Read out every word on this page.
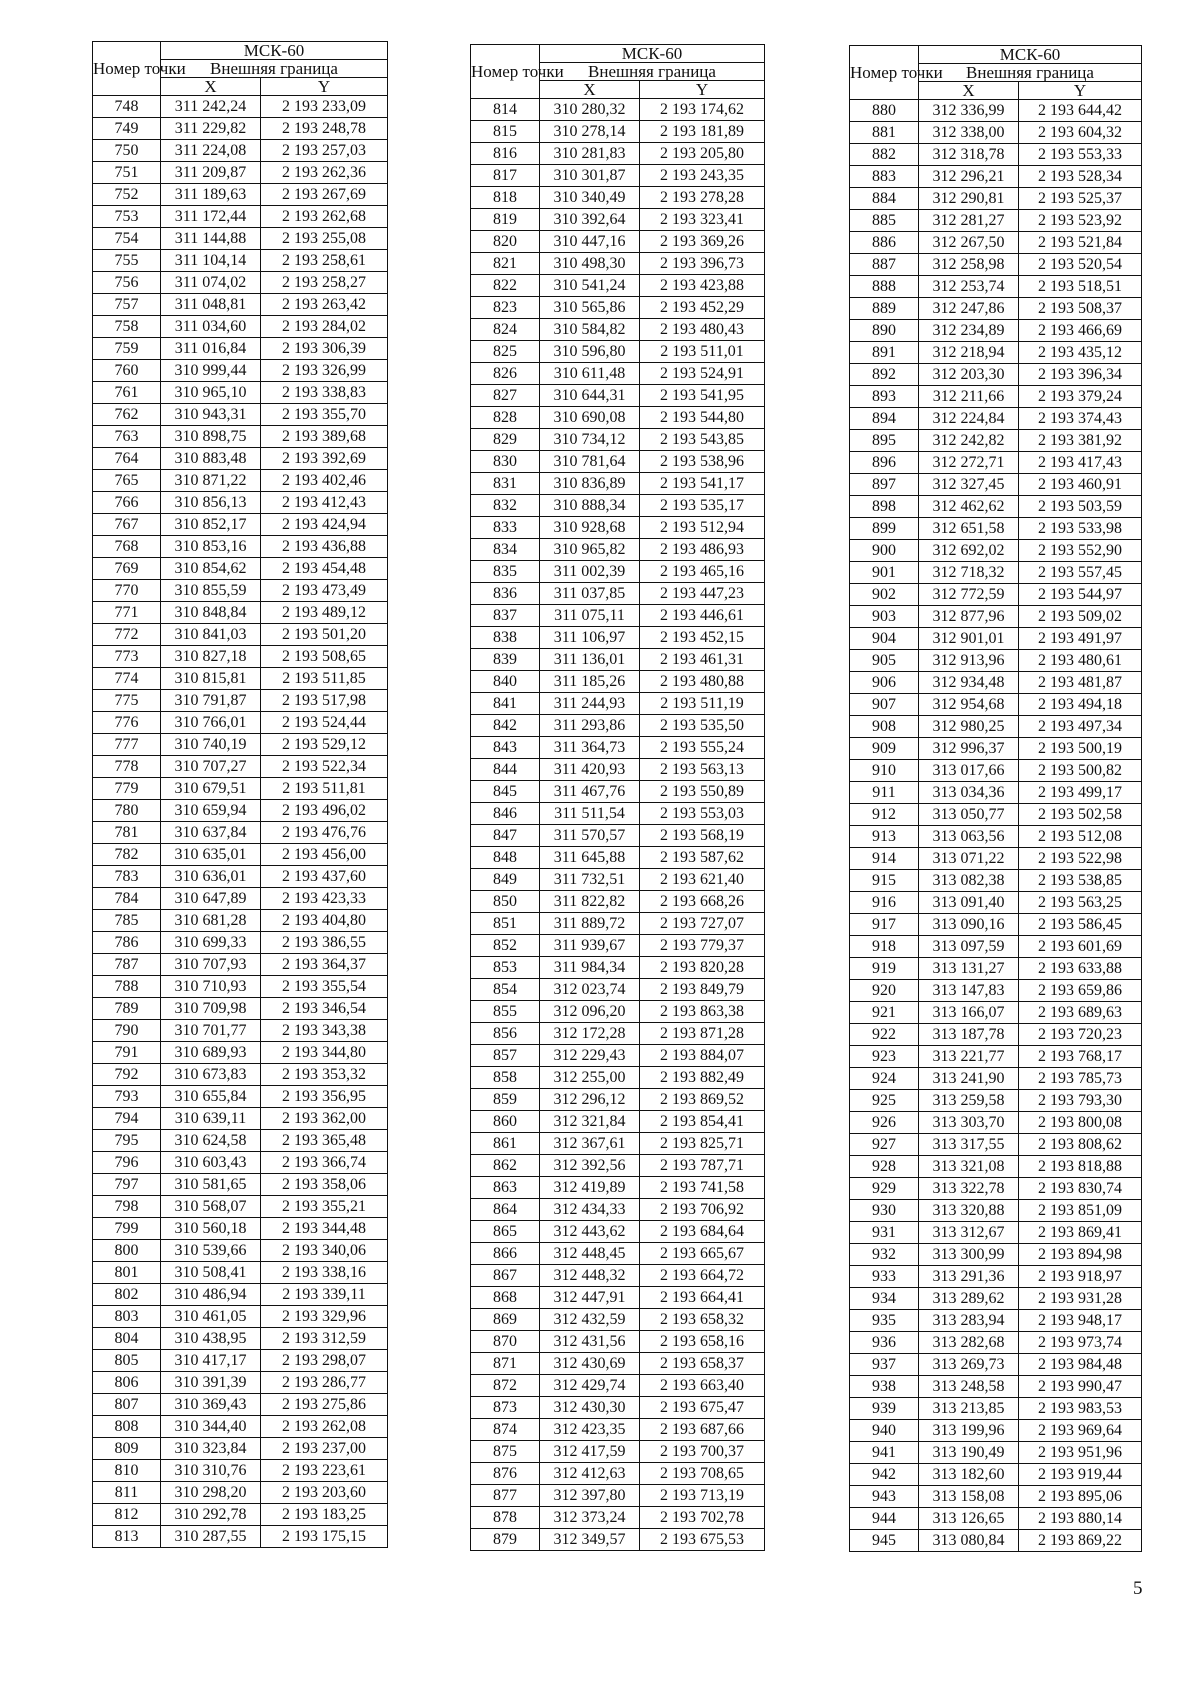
Номер точки	МСК-60	
	Внешняя граница	
	X	Y
748	311 242,24	2 193 233,09
749	311 229,82	2 193 248,78
750	311 224,08	2 193 257,03
751	311 209,87	2 193 262,36
752	311 189,63	2 193 267,69
753	311 172,44	2 193 262,68
754	311 144,88	2 193 255,08
755	311 104,14	2 193 258,61
756	311 074,02	2 193 258,27
757	311 048,81	2 193 263,42
758	311 034,60	2 193 284,02
759	311 016,84	2 193 306,39
760	310 999,44	2 193 326,99
761	310 965,10	2 193 338,83
762	310 943,31	2 193 355,70
763	310 898,75	2 193 389,68
764	310 883,48	2 193 392,69
765	310 871,22	2 193 402,46
766	310 856,13	2 193 412,43
767	310 852,17	2 193 424,94
768	310 853,16	2 193 436,88
769	310 854,62	2 193 454,48
770	310 855,59	2 193 473,49
771	310 848,84	2 193 489,12
772	310 841,03	2 193 501,20
773	310 827,18	2 193 508,65
774	310 815,81	2 193 511,85
775	310 791,87	2 193 517,98
776	310 766,01	2 193 524,44
777	310 740,19	2 193 529,12
778	310 707,27	2 193 522,34
779	310 679,51	2 193 511,81
780	310 659,94	2 193 496,02
781	310 637,84	2 193 476,76
782	310 635,01	2 193 456,00
783	310 636,01	2 193 437,60
784	310 647,89	2 193 423,33
785	310 681,28	2 193 404,80
786	310 699,33	2 193 386,55
787	310 707,93	2 193 364,37
788	310 710,93	2 193 355,54
789	310 709,98	2 193 346,54
790	310 701,77	2 193 343,38
791	310 689,93	2 193 344,80
792	310 673,83	2 193 353,32
793	310 655,84	2 193 356,95
794	310 639,11	2 193 362,00
795	310 624,58	2 193 365,48
796	310 603,43	2 193 366,74
797	310 581,65	2 193 358,06
798	310 568,07	2 193 355,21
799	310 560,18	2 193 344,48
800	310 539,66	2 193 340,06
801	310 508,41	2 193 338,16
802	310 486,94	2 193 339,11
803	310 461,05	2 193 329,96
804	310 438,95	2 193 312,59
805	310 417,17	2 193 298,07
806	310 391,39	2 193 286,77
807	310 369,43	2 193 275,86
808	310 344,40	2 193 262,08
809	310 323,84	2 193 237,00
810	310 310,76	2 193 223,61
811	310 298,20	2 193 203,60
812	310 292,78	2 193 183,25
813	310 287,55	2 193 175,15
Номер точки	МСК-60	
	Внешняя граница	
	X	Y
814	310 280,32	2 193 174,62
815	310 278,14	2 193 181,89
816	310 281,83	2 193 205,80
817	310 301,87	2 193 243,35
818	310 340,49	2 193 278,28
819	310 392,64	2 193 323,41
820	310 447,16	2 193 369,26
821	310 498,30	2 193 396,73
822	310 541,24	2 193 423,88
823	310 565,86	2 193 452,29
824	310 584,82	2 193 480,43
825	310 596,80	2 193 511,01
826	310 611,48	2 193 524,91
827	310 644,31	2 193 541,95
828	310 690,08	2 193 544,80
829	310 734,12	2 193 543,85
830	310 781,64	2 193 538,96
831	310 836,89	2 193 541,17
832	310 888,34	2 193 535,17
833	310 928,68	2 193 512,94
834	310 965,82	2 193 486,93
835	311 002,39	2 193 465,16
836	311 037,85	2 193 447,23
837	311 075,11	2 193 446,61
838	311 106,97	2 193 452,15
839	311 136,01	2 193 461,31
840	311 185,26	2 193 480,88
841	311 244,93	2 193 511,19
842	311 293,86	2 193 535,50
843	311 364,73	2 193 555,24
844	311 420,93	2 193 563,13
845	311 467,76	2 193 550,89
846	311 511,54	2 193 553,03
847	311 570,57	2 193 568,19
848	311 645,88	2 193 587,62
849	311 732,51	2 193 621,40
850	311 822,82	2 193 668,26
851	311 889,72	2 193 727,07
852	311 939,67	2 193 779,37
853	311 984,34	2 193 820,28
854	312 023,74	2 193 849,79
855	312 096,20	2 193 863,38
856	312 172,28	2 193 871,28
857	312 229,43	2 193 884,07
858	312 255,00	2 193 882,49
859	312 296,12	2 193 869,52
860	312 321,84	2 193 854,41
861	312 367,61	2 193 825,71
862	312 392,56	2 193 787,71
863	312 419,89	2 193 741,58
864	312 434,33	2 193 706,92
865	312 443,62	2 193 684,64
866	312 448,45	2 193 665,67
867	312 448,32	2 193 664,72
868	312 447,91	2 193 664,41
869	312 432,59	2 193 658,32
870	312 431,56	2 193 658,16
871	312 430,69	2 193 658,37
872	312 429,74	2 193 663,40
873	312 430,30	2 193 675,47
874	312 423,35	2 193 687,66
875	312 417,59	2 193 700,37
876	312 412,63	2 193 708,65
877	312 397,80	2 193 713,19
878	312 373,24	2 193 702,78
879	312 349,57	2 193 675,53
Номер точки	МСК-60	
	Внешняя граница	
	X	Y
880	312 336,99	2 193 644,42
881	312 338,00	2 193 604,32
882	312 318,78	2 193 553,33
883	312 296,21	2 193 528,34
884	312 290,81	2 193 525,37
885	312 281,27	2 193 523,92
886	312 267,50	2 193 521,84
887	312 258,98	2 193 520,54
888	312 253,74	2 193 518,51
889	312 247,86	2 193 508,37
890	312 234,89	2 193 466,69
891	312 218,94	2 193 435,12
892	312 203,30	2 193 396,34
893	312 211,66	2 193 379,24
894	312 224,84	2 193 374,43
895	312 242,82	2 193 381,92
896	312 272,71	2 193 417,43
897	312 327,45	2 193 460,91
898	312 462,62	2 193 503,59
899	312 651,58	2 193 533,98
900	312 692,02	2 193 552,90
901	312 718,32	2 193 557,45
902	312 772,59	2 193 544,97
903	312 877,96	2 193 509,02
904	312 901,01	2 193 491,97
905	312 913,96	2 193 480,61
906	312 934,48	2 193 481,87
907	312 954,68	2 193 494,18
908	312 980,25	2 193 497,34
909	312 996,37	2 193 500,19
910	313 017,66	2 193 500,82
911	313 034,36	2 193 499,17
912	313 050,77	2 193 502,58
913	313 063,56	2 193 512,08
914	313 071,22	2 193 522,98
915	313 082,38	2 193 538,85
916	313 091,40	2 193 563,25
917	313 090,16	2 193 586,45
918	313 097,59	2 193 601,69
919	313 131,27	2 193 633,88
920	313 147,83	2 193 659,86
921	313 166,07	2 193 689,63
922	313 187,78	2 193 720,23
923	313 221,77	2 193 768,17
924	313 241,90	2 193 785,73
925	313 259,58	2 193 793,30
926	313 303,70	2 193 800,08
927	313 317,55	2 193 808,62
928	313 321,08	2 193 818,88
929	313 322,78	2 193 830,74
930	313 320,88	2 193 851,09
931	313 312,67	2 193 869,41
932	313 300,99	2 193 894,98
933	313 291,36	2 193 918,97
934	313 289,62	2 193 931,28
935	313 283,94	2 193 948,17
936	313 282,68	2 193 973,74
937	313 269,73	2 193 984,48
938	313 248,58	2 193 990,47
939	313 213,85	2 193 983,53
940	313 199,96	2 193 969,64
941	313 190,49	2 193 951,96
942	313 182,60	2 193 919,44
943	313 158,08	2 193 895,06
944	313 126,65	2 193 880,14
945	313 080,84	2 193 869,22
5
